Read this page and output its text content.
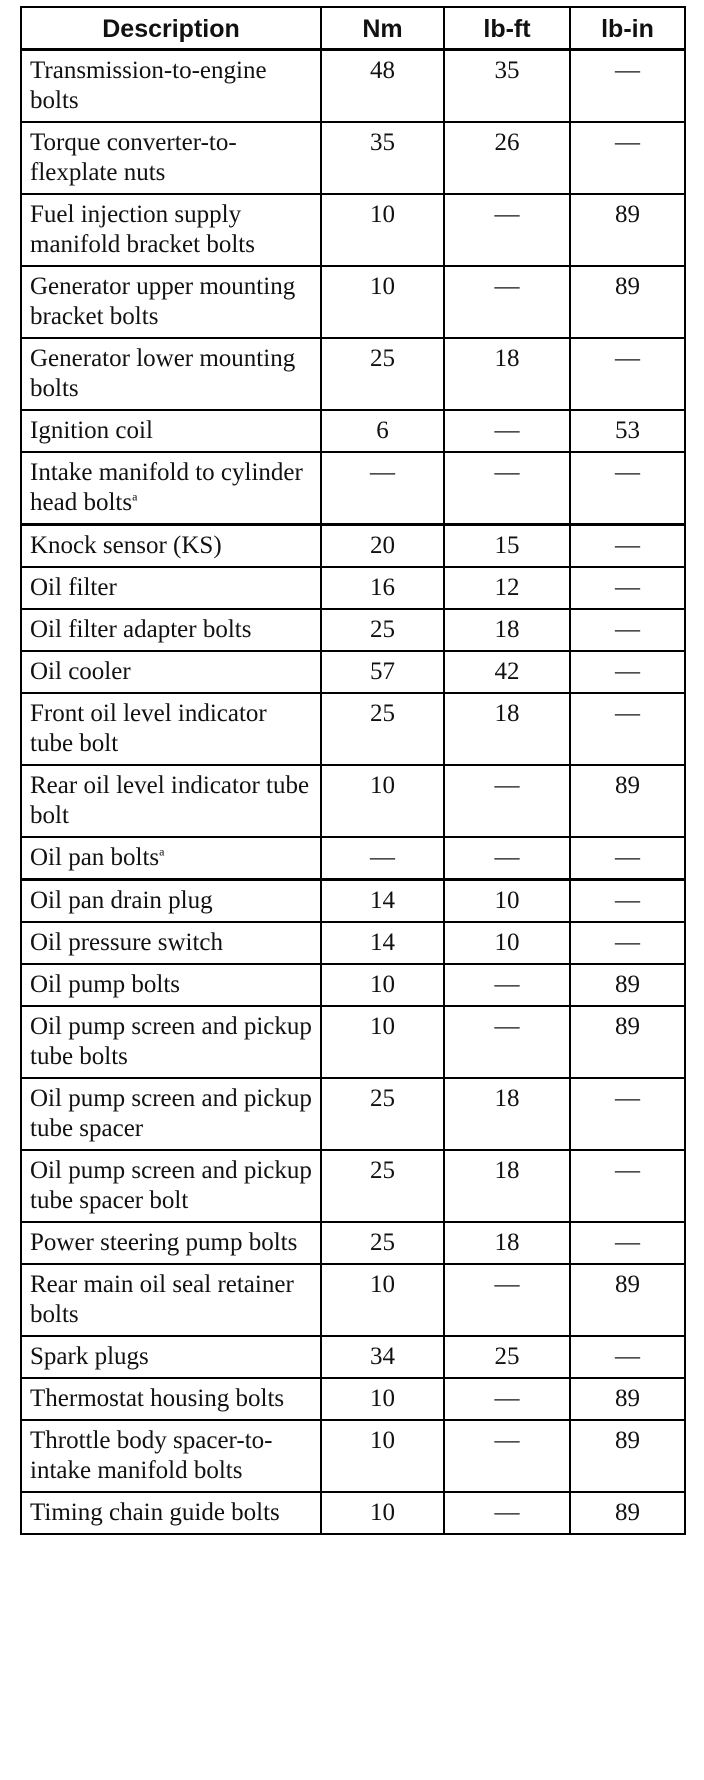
Description	Nm	lb-ft	lb-in
Transmission-to-engine bolts	48	35	—
Torque converter-to-flexplate nuts	35	26	—
Fuel injection supply manifold bracket bolts	10	—	89
Generator upper mounting bracket bolts	10	—	89
Generator lower mounting bolts	25	18	—
Ignition coil	6	—	53
Intake manifold to cylinder head bolts$^a$	—	—	—
Knock sensor (KS)	20	15	—
Oil filter	16	12	—
Oil filter adapter bolts	25	18	—
Oil cooler	57	42	—
Front oil level indicator tube bolt	25	18	—
Rear oil level indicator tube bolt	10	—	89
Oil pan bolts$^a$	—	—	—
Oil pan drain plug	14	10	—
Oil pressure switch	14	10	—
Oil pump bolts	10	—	89
Oil pump screen and pickup tube bolts	10	—	89
Oil pump screen and pickup tube spacer	25	18	—
Oil pump screen and pickup tube spacer bolt	25	18	—
Power steering pump bolts	25	18	—
Rear main oil seal retainer bolts	10	—	89
Spark plugs	34	25	—
Thermostat housing bolts	10	—	89
Throttle body spacer-to-intake manifold bolts	10	—	89
Timing chain guide bolts	10	—	89
